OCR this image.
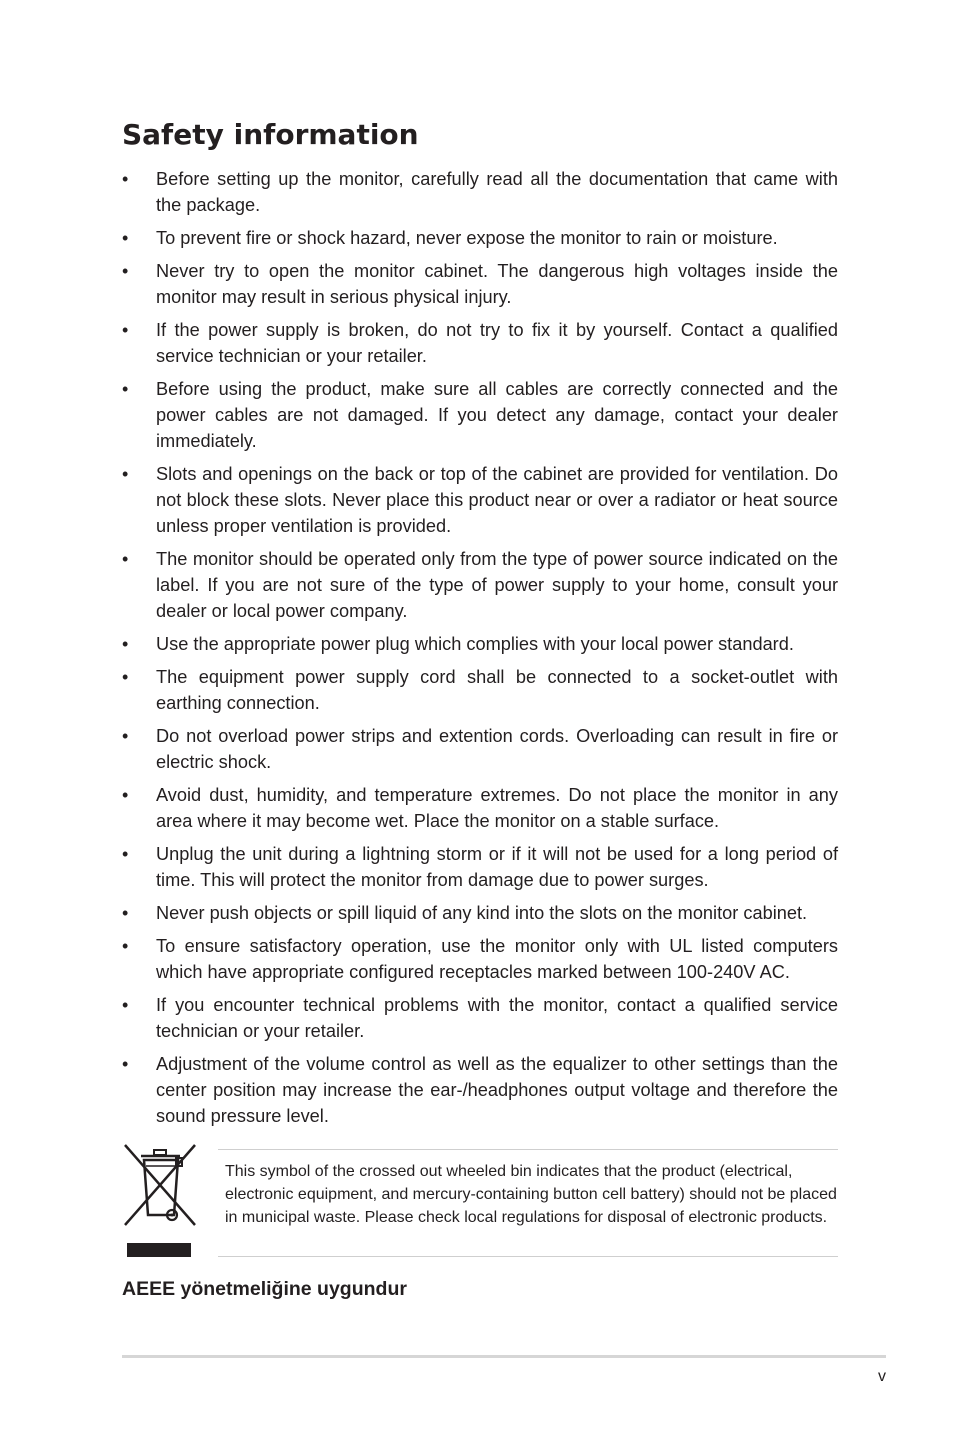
Safety information
•	Before setting up the monitor, carefully read all the documentation that came with the package.
•	To prevent fire or shock hazard, never expose the monitor to rain or moisture.
•	Never try to open the monitor cabinet. The dangerous high voltages inside the monitor may result in serious physical injury.
•	If the power supply is broken, do not try to fix it by yourself. Contact a qualified service technician or your retailer.
•	Before using the product, make sure all cables are correctly connected and the power cables are not damaged. If you detect any damage, contact your dealer immediately.
•	Slots and openings on the back or top of the cabinet are provided for ventilation. Do not block these slots. Never place this product near or over a radiator or heat source unless proper ventilation is provided.
•	The monitor should be operated only from the type of power source indicated on the label. If you are not sure of the type of power supply to your home, consult your dealer or local power company.
•	Use the appropriate power plug which complies with your local power standard.
•	The equipment power supply cord shall be connected to a socket-outlet with earthing connection.
•	Do not overload power strips and extention cords. Overloading can result in fire or electric shock.
•	Avoid dust, humidity, and temperature extremes. Do not place the monitor in any area where it may become wet. Place the monitor on a stable surface.
•	Unplug the unit during a lightning storm or if it will not be used for a long period of time. This will protect the monitor from damage due to power surges.
•	Never push objects or spill liquid of any kind into the slots on the monitor cabinet.
•	To ensure satisfactory operation, use the monitor only with UL listed computers which have appropriate configured receptacles marked between 100-240V AC.
•	If you encounter technical problems with the monitor, contact a qualified service technician or your retailer.
•	Adjustment of the volume control as well as the equalizer to other settings than the center position may increase the ear-/headphones output voltage and therefore the sound pressure level.

This symbol of the crossed out wheeled bin indicates that the product (electrical, electronic equipment, and mercury-containing button cell battery) should not be placed in municipal waste. Please check local regulations for disposal of electronic products.

AEEE yönetmeliğine uygundur
v
